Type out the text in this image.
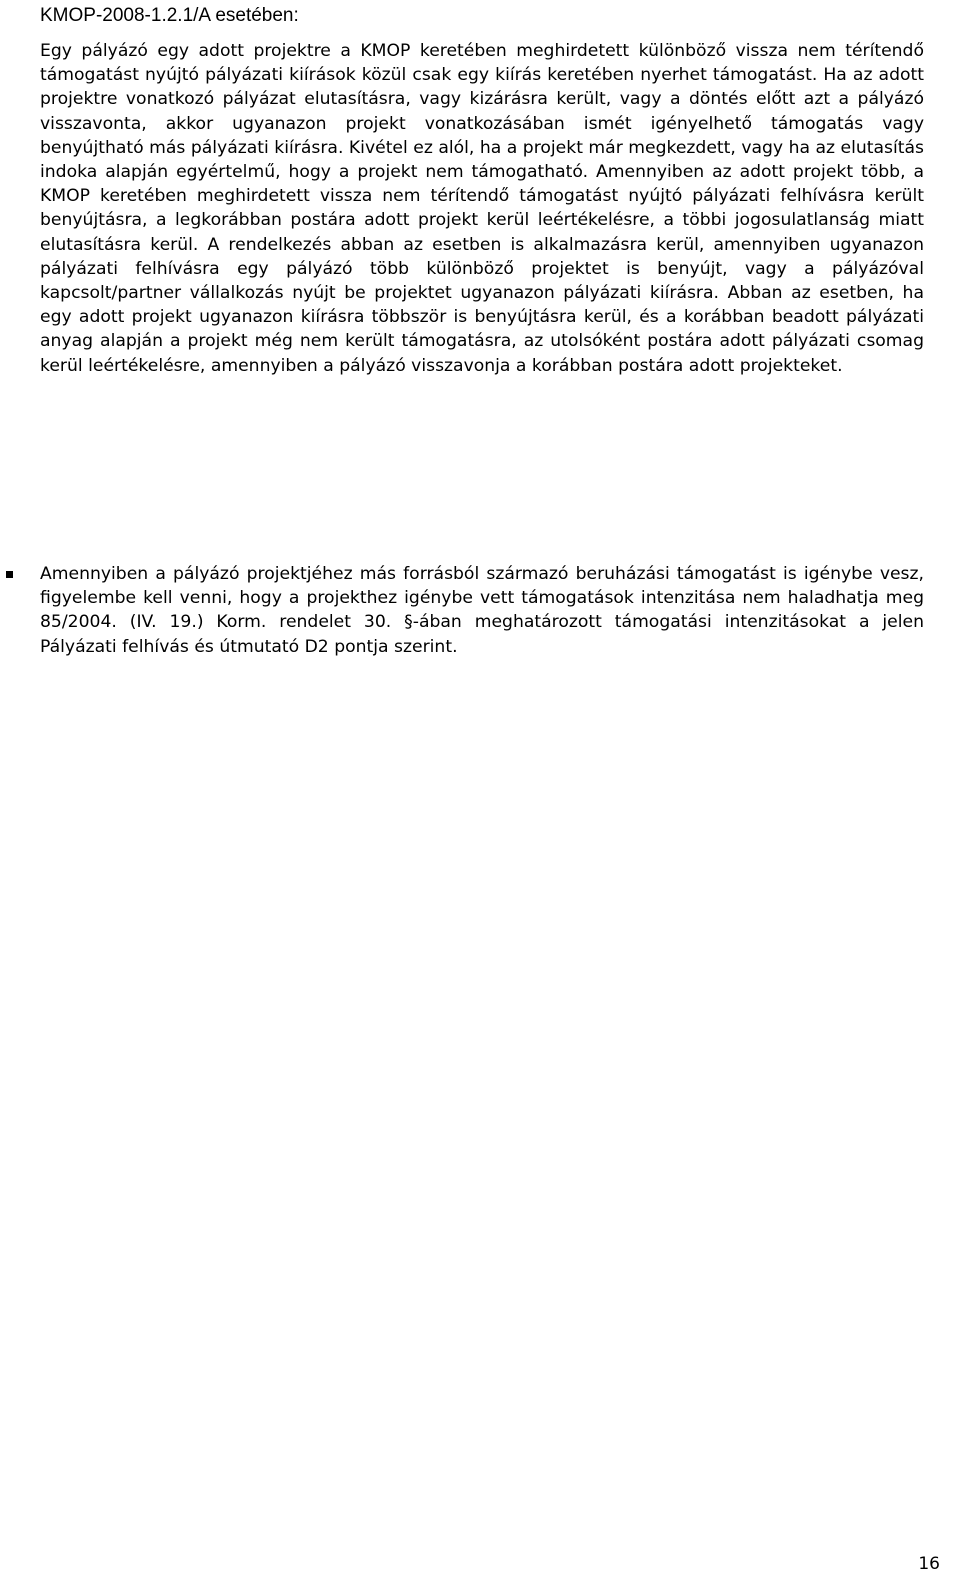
KMOP-2008-1.2.1/A esetében:

Egy pályázó egy adott projektre a KMOP keretében meghirdetett különböző vissza nem térítendő támogatást nyújtó pályázati kiírások közül csak egy kiírás keretében nyerhet támogatást. Ha az adott projektre vonatkozó pályázat elutasításra, vagy kizárásra került, vagy a döntés előtt azt a pályázó visszavonta, akkor ugyanazon projekt vonatkozásában ismét igényelhető támogatás vagy benyújtható más pályázati kiírásra. Kivétel ez alól, ha a projekt már megkezdett, vagy ha az elutasítás indoka alapján egyértelmű, hogy a projekt nem támogatható. Amennyiben az adott projekt több, a KMOP keretében meghirdetett vissza nem térítendő támogatást nyújtó pályázati felhívásra került benyújtásra, a legkorábban postára adott projekt kerül leértékelésre, a többi jogosulatlanság miatt elutasításra kerül. A rendelkezés abban az esetben is alkalmazásra kerül, amennyiben ugyanazon pályázati felhívásra egy pályázó több különböző projektet is benyújt, vagy a pályázóval kapcsolt/partner vállalkozás nyújt be projektet ugyanazon pályázati kiírásra. Abban az esetben, ha egy adott projekt ugyanazon kiírásra többször is benyújtásra kerül, és a korábban beadott pályázati anyag alapján a projekt még nem került támogatásra, az utolsóként postára adott pályázati csomag kerül leértékelésre, amennyiben a pályázó visszavonja a korábban postára adott projekteket.

Amennyiben a pályázó projektjéhez más forrásból származó beruházási támogatást is igénybe vesz, figyelembe kell venni, hogy a projekthez igénybe vett támogatások intenzitása nem haladhatja meg 85/2004. (IV. 19.) Korm. rendelet 30. §-ában meghatározott támogatási intenzitásokat a jelen Pályázati felhívás és útmutató D2 pontja szerint.

16
